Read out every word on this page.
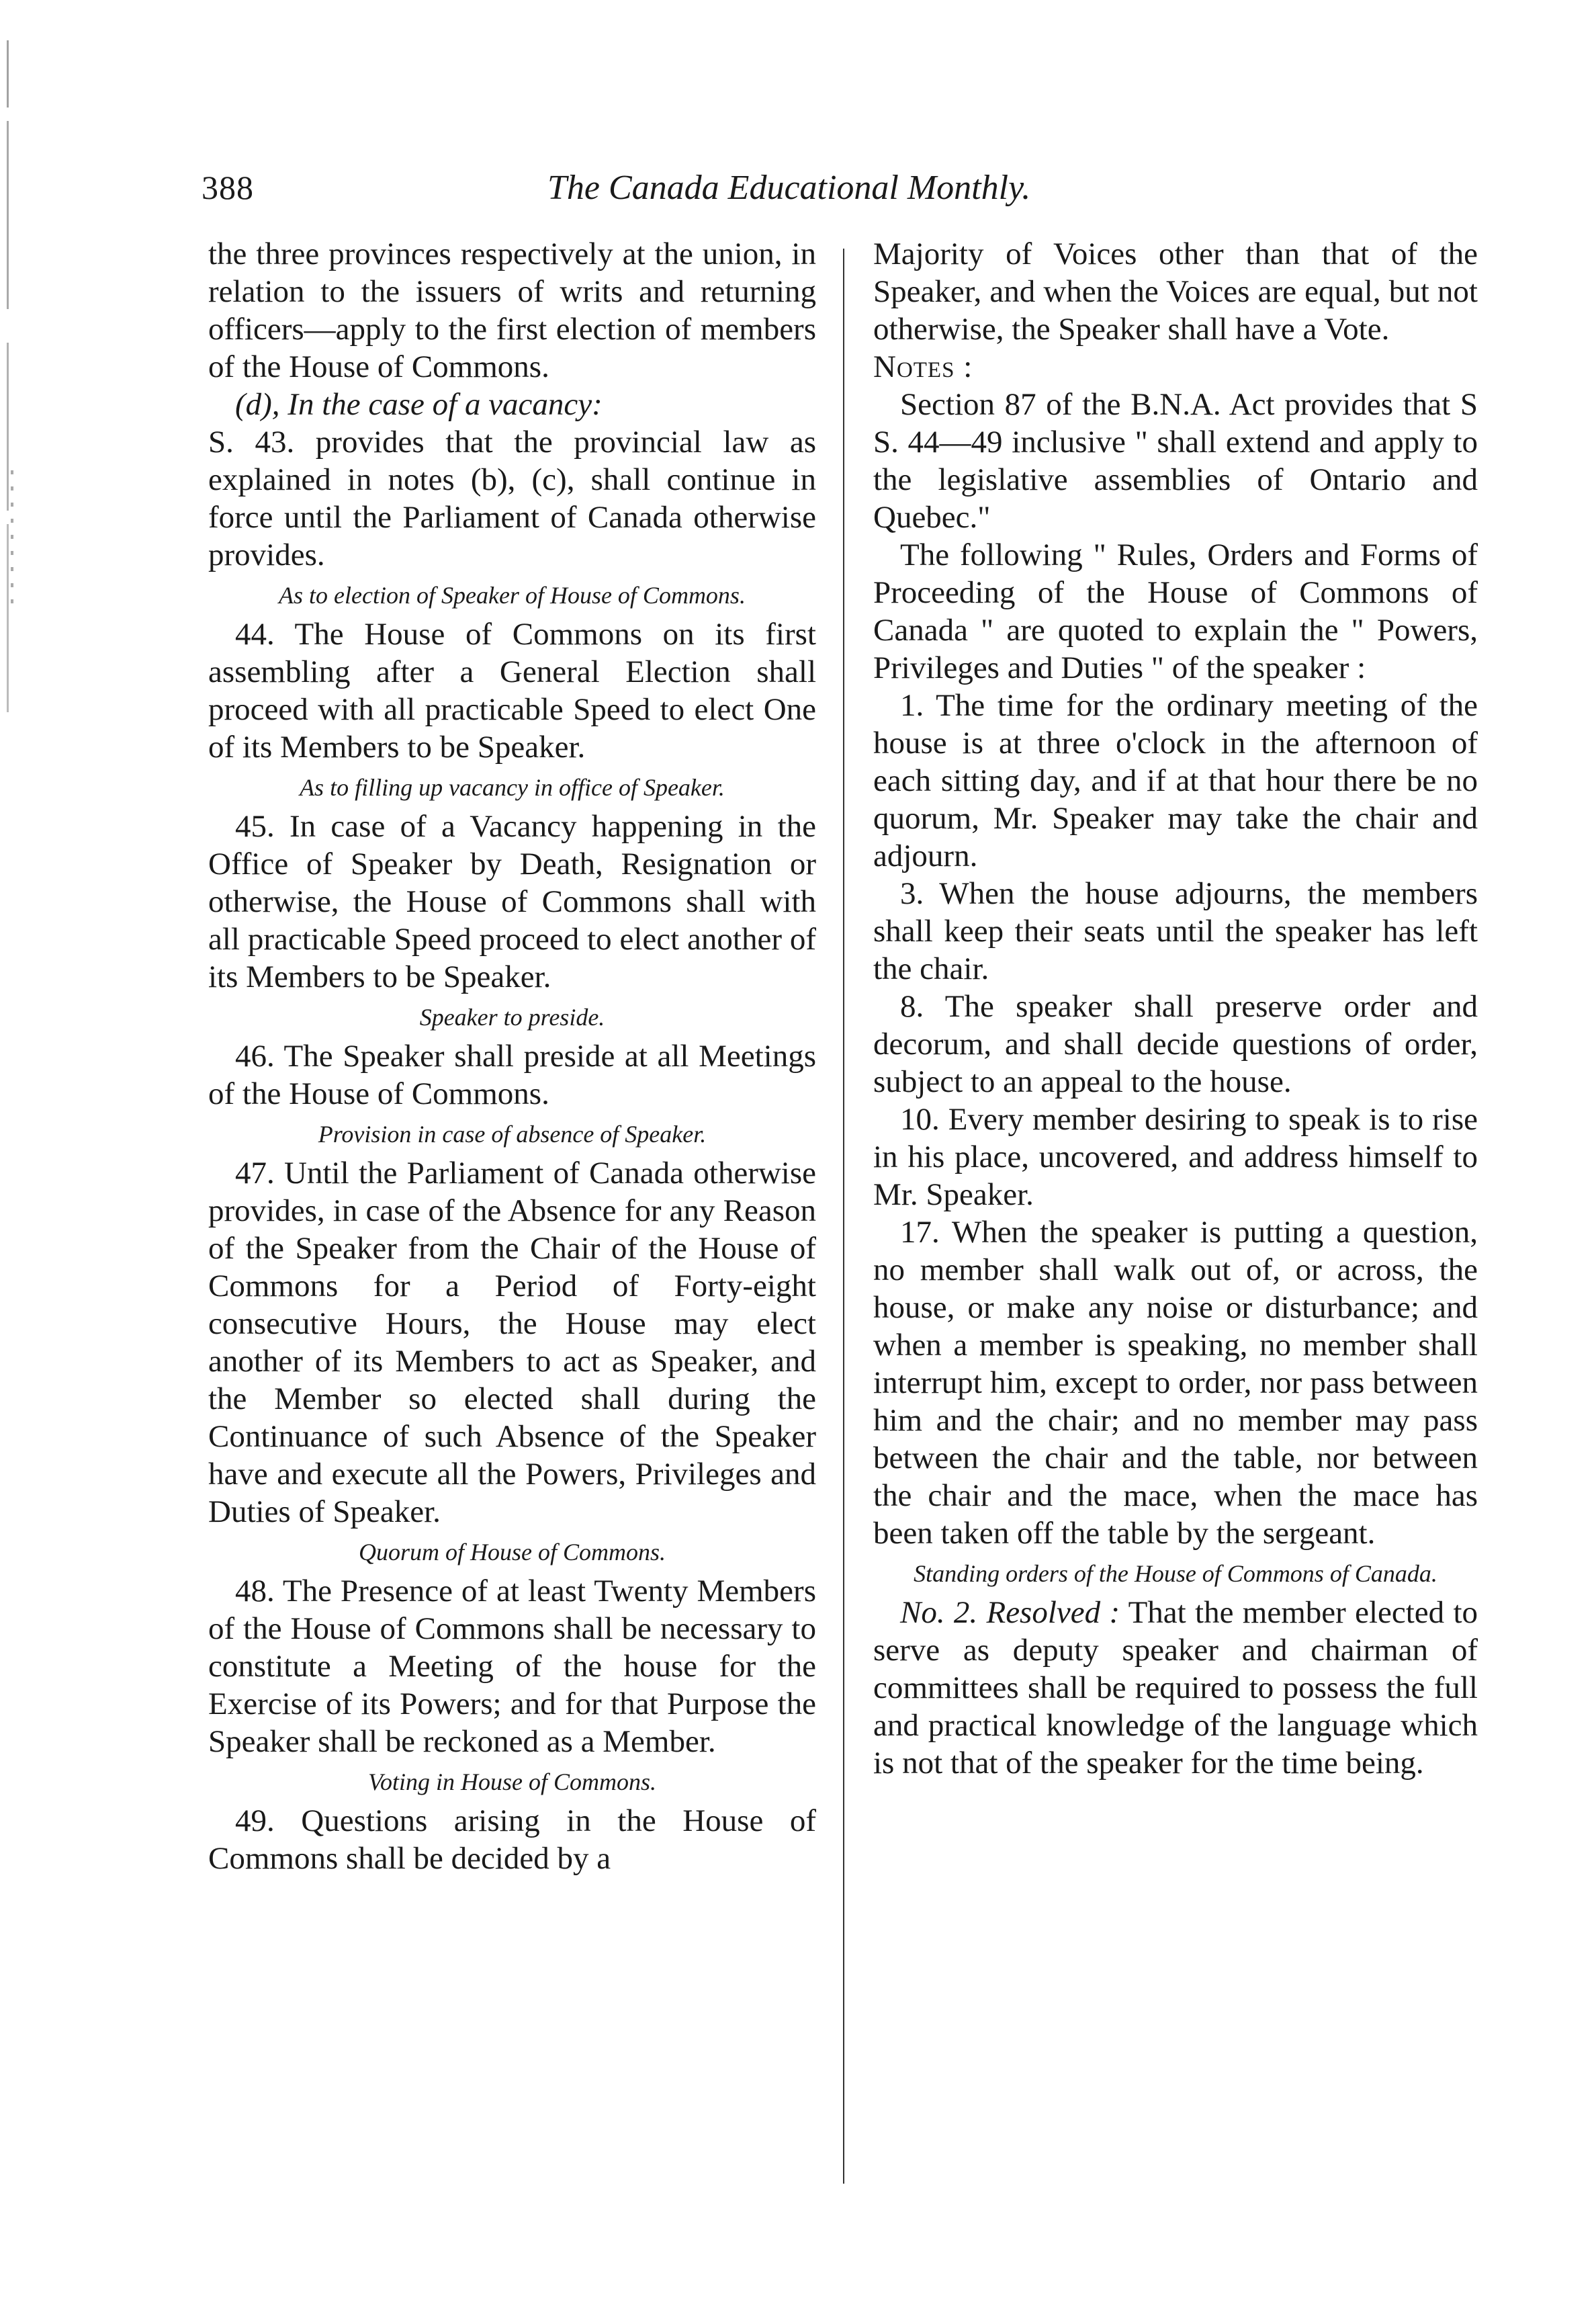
388	The Canada Educational Monthly.

the three provinces respectively at the union, in relation to the issuers of writs and returning officers—apply to the first election of members of the House of Commons.

(d), In the case of a vacancy:

S. 43. provides that the provincial law as explained in notes (b), (c), shall continue in force until the Parliament of Canada otherwise provides.

As to election of Speaker of House of Commons.

44. The House of Commons on its first assembling after a General Election shall proceed with all practicable Speed to elect One of its Members to be Speaker.

As to filling up vacancy in office of Speaker.

45. In case of a Vacancy happening in the Office of Speaker by Death, Resignation or otherwise, the House of Commons shall with all practicable Speed proceed to elect another of its Members to be Speaker.

Speaker to preside.

46. The Speaker shall preside at all Meetings of the House of Commons.

Provision in case of absence of Speaker.

47. Until the Parliament of Canada otherwise provides, in case of the Absence for any Reason of the Speaker from the Chair of the House of Commons for a Period of Forty-eight consecutive Hours, the House may elect another of its Members to act as Speaker, and the Member so elected shall during the Continuance of such Absence of the Speaker have and execute all the Powers, Privileges and Duties of Speaker.

Quorum of House of Commons.

48. The Presence of at least Twenty Members of the House of Commons shall be necessary to constitute a Meeting of the house for the Exercise of its Powers; and for that Purpose the Speaker shall be reckoned as a Member.

Voting in House of Commons.

49. Questions arising in the House of Commons shall be decided by a

Majority of Voices other than that of the Speaker, and when the Voices are equal, but not otherwise, the Speaker shall have a Vote.

Notes :

Section 87 of the B.N.A. Act provides that S S. 44—49 inclusive " shall extend and apply to the legislative assemblies of Ontario and Quebec."

The following " Rules, Orders and Forms of Proceeding of the House of Commons of Canada " are quoted to explain the " Powers, Privileges and Duties " of the speaker :

1. The time for the ordinary meeting of the house is at three o'clock in the afternoon of each sitting day, and if at that hour there be no quorum, Mr. Speaker may take the chair and adjourn.

3. When the house adjourns, the members shall keep their seats until the speaker has left the chair.

8. The speaker shall preserve order and decorum, and shall decide questions of order, subject to an appeal to the house.

10. Every member desiring to speak is to rise in his place, uncovered, and address himself to Mr. Speaker.

17. When the speaker is putting a question, no member shall walk out of, or across, the house, or make any noise or disturbance; and when a member is speaking, no member shall interrupt him, except to order, nor pass between him and the chair; and no member may pass between the chair and the table, nor between the chair and the mace, when the mace has been taken off the table by the sergeant.

Standing orders of the House of Commons of Canada.

No. 2. Resolved : That the member elected to serve as deputy speaker and chairman of committees shall be required to possess the full and practical knowledge of the language which is not that of the speaker for the time being.
